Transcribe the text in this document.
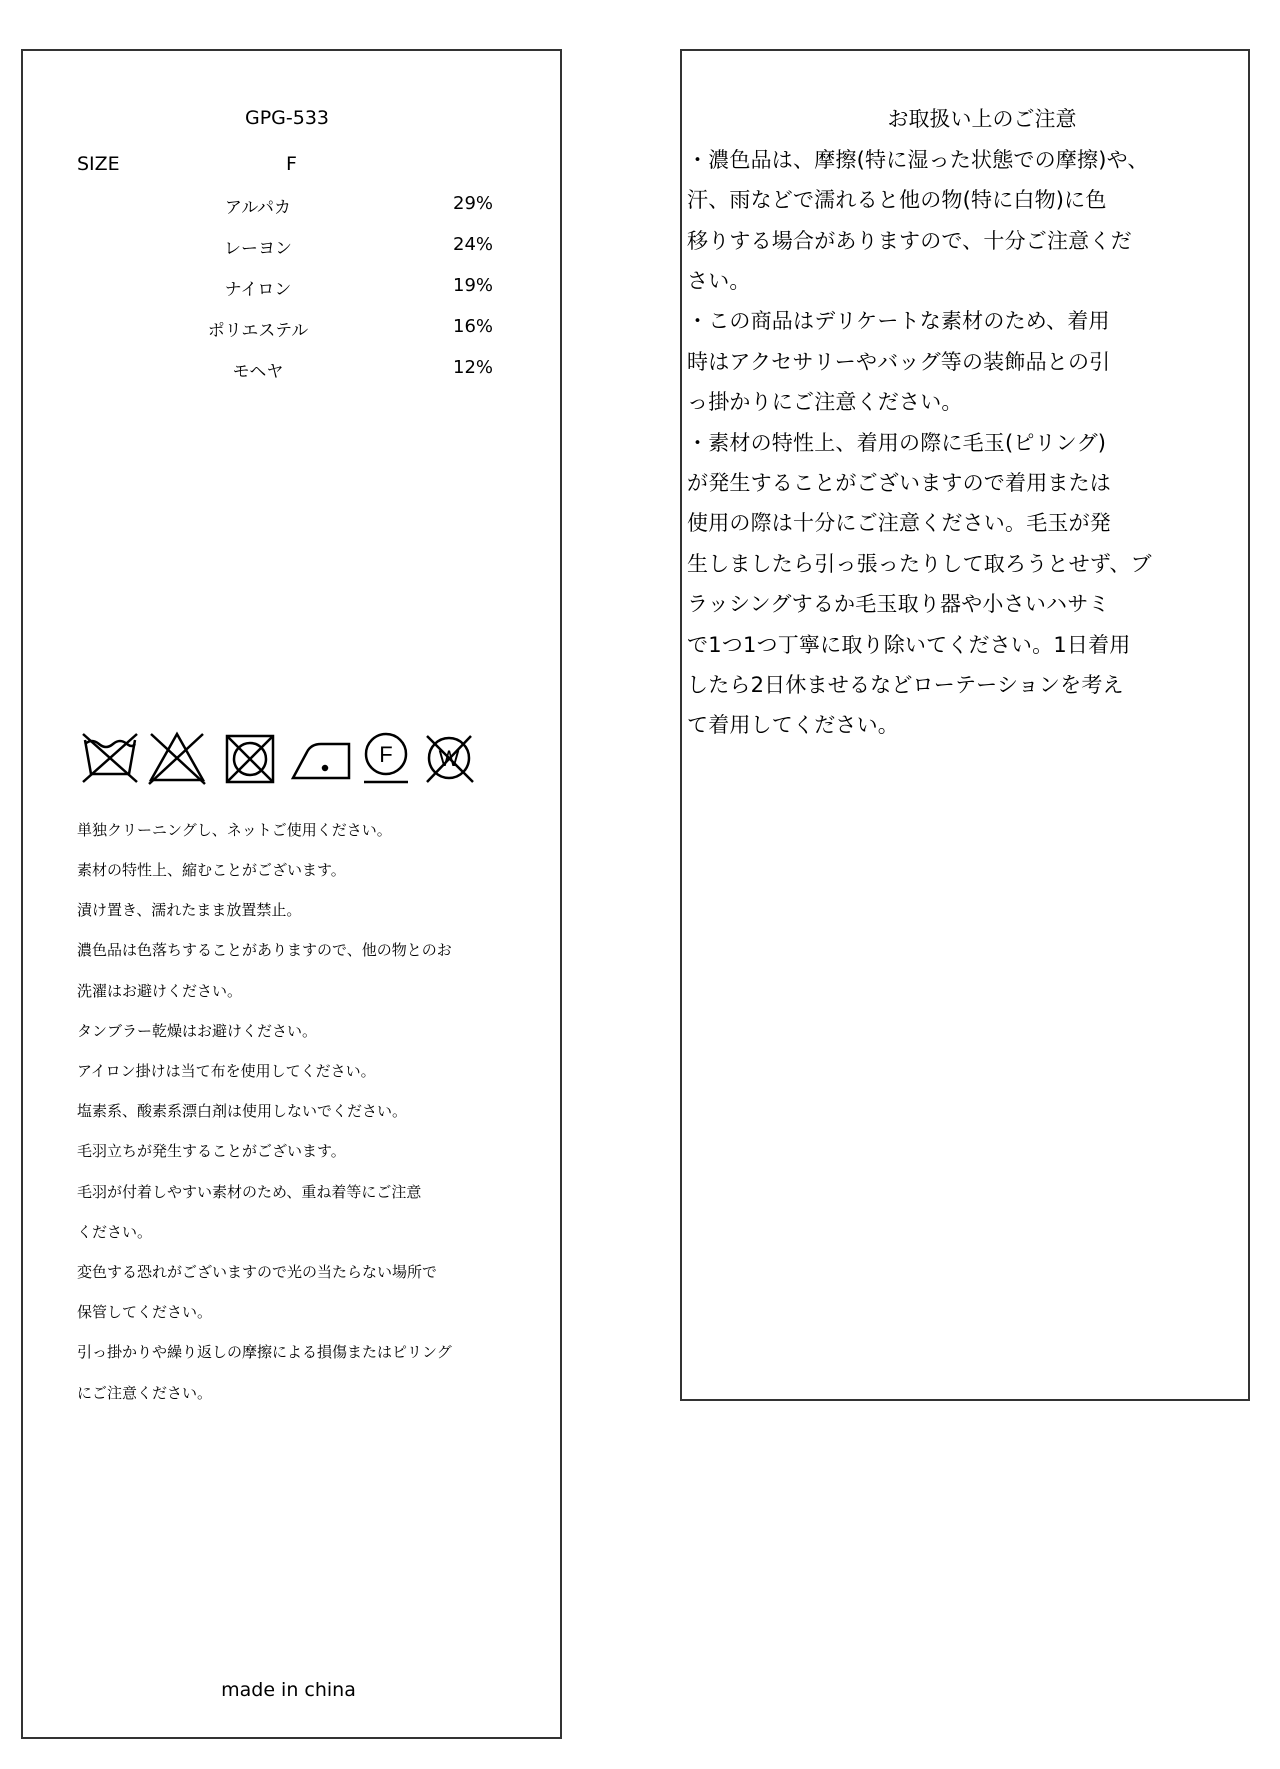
GPG-533
SIZE	F
アルパカ	29%
レーヨン	24%
ナイロン	19%
ポリエステル	16%
モヘヤ	12%
F W
単独クリーニングし、ネットご使用ください。
素材の特性上、縮むことがございます。
漬け置き、濡れたまま放置禁止。
濃色品は色落ちすることがありますので、他の物とのお
洗濯はお避けください。
タンブラー乾燥はお避けください。
アイロン掛けは当て布を使用してください。
塩素系、酸素系漂白剤は使用しないでください。
毛羽立ちが発生することがございます。
毛羽が付着しやすい素材のため、重ね着等にご注意
ください。
変色する恐れがございますので光の当たらない場所で
保管してください。
引っ掛かりや繰り返しの摩擦による損傷またはピリング
にご注意ください。
made in china
お取扱い上のご注意
・濃色品は、摩擦(特に湿った状態での摩擦)や、
汗、雨などで濡れると他の物(特に白物)に色
移りする場合がありますので、十分ご注意くだ
さい。
・この商品はデリケートな素材のため、着用
時はアクセサリーやバッグ等の装飾品との引
っ掛かりにご注意ください。
・素材の特性上、着用の際に毛玉(ピリング)
が発生することがございますので着用または
使用の際は十分にご注意ください。毛玉が発
生しましたら引っ張ったりして取ろうとせず、ブ
ラッシングするか毛玉取り器や小さいハサミ
で1つ1つ丁寧に取り除いてください。1日着用
したら2日休ませるなどローテーションを考え
て着用してください。
